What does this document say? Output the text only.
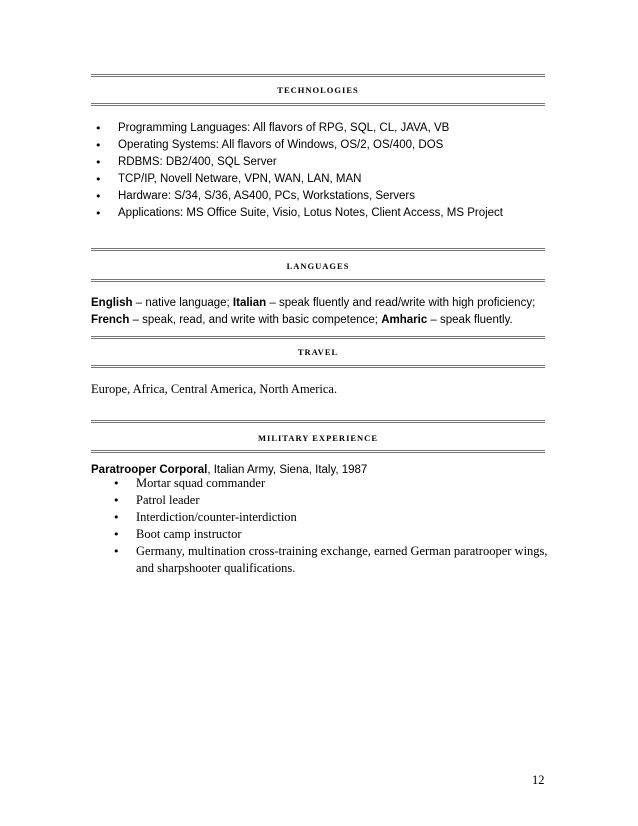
TECHNOLOGIES
• Programming Languages: All flavors of RPG, SQL, CL, JAVA, VB
• Operating Systems: All flavors of Windows, OS/2, OS/400, DOS
• RDBMS: DB2/400, SQL Server
• TCP/IP, Novell Netware, VPN, WAN, LAN, MAN
• Hardware: S/34, S/36, AS400, PCs, Workstations, Servers
• Applications: MS Office Suite, Visio, Lotus Notes, Client Access, MS Project
LANGUAGES
English – native language; Italian – speak fluently and read/write with high proficiency;
French – speak, read, and write with basic competence; Amharic – speak fluently.
TRAVEL
Europe, Africa, Central America, North America.
MILITARY EXPERIENCE
Paratrooper Corporal, Italian Army, Siena, Italy, 1987
• Mortar squad commander
• Patrol leader
• Interdiction/counter-interdiction
• Boot camp instructor
• Germany, multination cross-training exchange, earned German paratrooper wings,
and sharpshooter qualifications.
12
